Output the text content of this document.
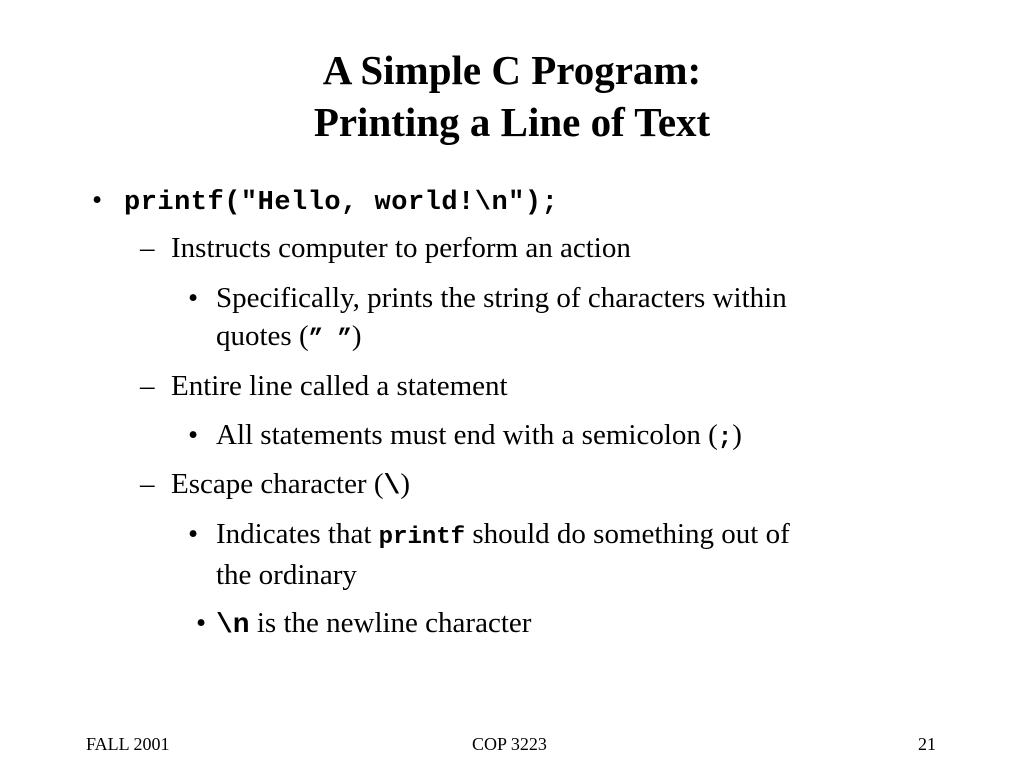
A Simple C Program:
Printing a Line of Text
• printf("Hello, world!\n");
– Instructs computer to perform an action
• Specifically, prints the string of characters within
quotes (” ”)
– Entire line called a statement
• All statements must end with a semicolon (;)
– Escape character (\)
• Indicates that printf should do something out of
the ordinary
• \n is the newline character
FALL 2001	COP 3223	21
